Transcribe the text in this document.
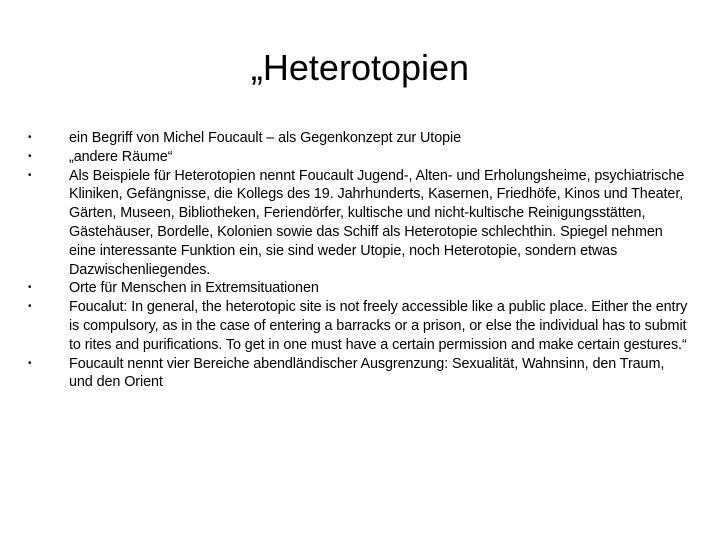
„Heterotopien
•	ein Begriff von Michel Foucault – als Gegenkonzept zur Utopie
•	„andere Räume“
•	Als Beispiele für Heterotopien nennt Foucault Jugend-, Alten- und Erholungsheime, psychiatrische Kliniken, Gefängnisse, die Kollegs des 19. Jahrhunderts, Kasernen, Friedhöfe, Kinos und Theater, Gärten, Museen, Bibliotheken, Feriendörfer, kultische und nicht-kultische Reinigungsstätten, Gästehäuser, Bordelle, Kolonien sowie das Schiff als Heterotopie schlechthin. Spiegel nehmen eine interessante Funktion ein, sie sind weder Utopie, noch Heterotopie, sondern etwas Dazwischenliegendes.
•	Orte für Menschen in Extremsituationen
•	Foucalut: In general, the heterotopic site is not freely accessible like a public place. Either the entry is compulsory, as in the case of entering a barracks or a prison, or else the individual has to submit to rites and purifications. To get in one must have a certain permission and make certain gestures.“
•	Foucault nennt vier Bereiche abendländischer Ausgrenzung: Sexualität, Wahnsinn, den Traum, und den Orient
